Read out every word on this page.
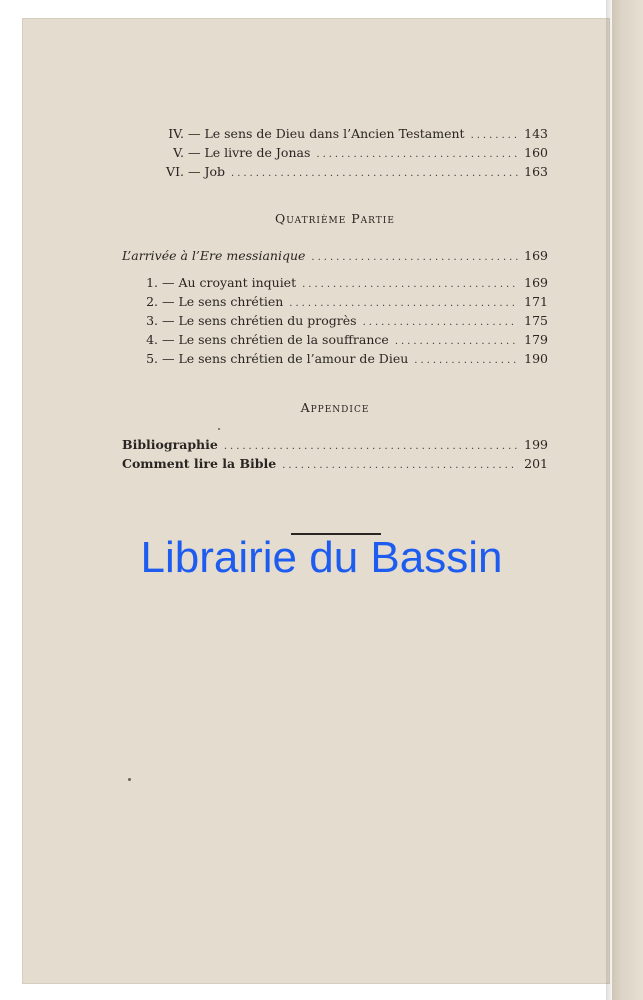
IV. — Le sens de Dieu dans l’Ancien Testament .....	143
V. — Le livre de Jonas .....	160
VI. — Job .....	163
Quatrième Partie
L’arrivée à l’Ere messianique .....	169
1. — Au croyant inquiet .....	169
2. — Le sens chrétien .....	171
3. — Le sens chrétien du progrès .....	175
4. — Le sens chrétien de la souffrance .....	179
5. — Le sens chrétien de l’amour de Dieu .....	190
Appendice
Bibliographie .....	199
Comment lire la Bible .....	201
Librairie du Bassin
